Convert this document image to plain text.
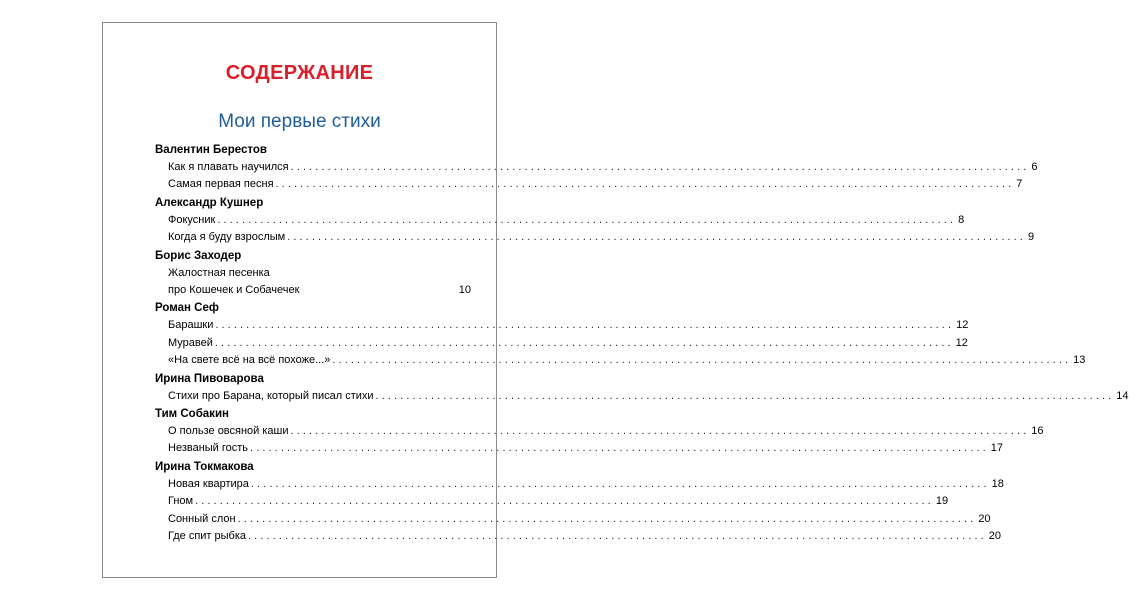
СОДЕРЖАНИЕ
Мои первые стихи
Валентин Берестов
Как я плавать научился ........................................................................................................................ 6
Самая первая песня ........................................................................................................................ 7
Александр Кушнер
Фокусник ........................................................................................................................ 8
Когда я буду взрослым ........................................................................................................................ 9
Борис Заходер
Жалостная песенка
про Кошечек и Собачечек	10
Роман Сеф
Барашки ........................................................................................................................ 12
Муравей ........................................................................................................................ 12
«На свете всё на всё похоже...» ........................................................................................................................ 13
Ирина Пивоварова
Стихи про Барана, который писал стихи ........................................................................................................................ 14
Тим Собакин
О пользе овсяной каши ........................................................................................................................ 16
Незваный гость ........................................................................................................................ 17
Ирина Токмакова
Новая квартира ........................................................................................................................ 18
Гном ........................................................................................................................ 19
Сонный слон ........................................................................................................................ 20
Где спит рыбка ........................................................................................................................ 20
